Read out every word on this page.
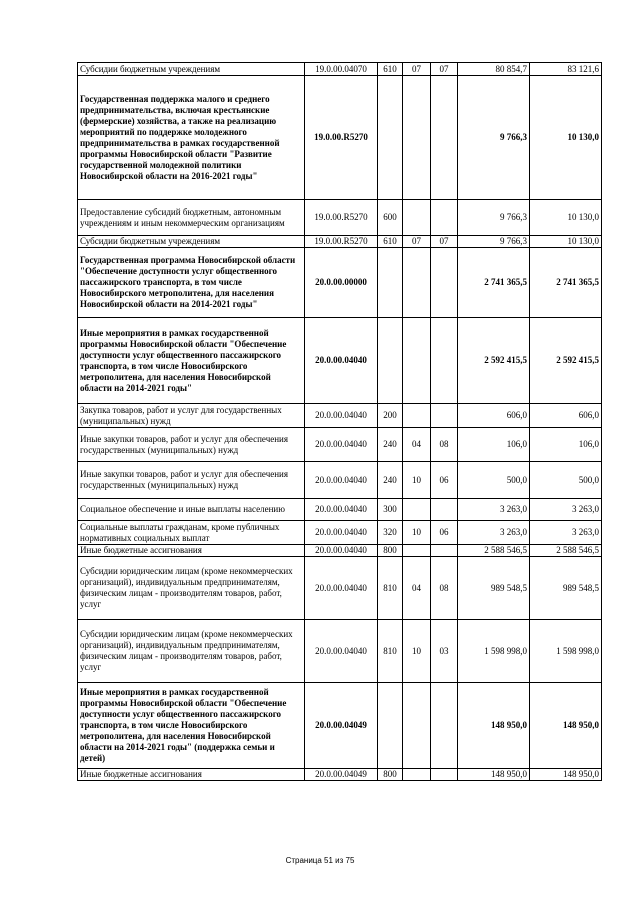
Субсидии бюджетным учреждениям	19.0.00.04070	610	07	07	80 854,7	83 121,6
Государственная поддержка малого и среднего предпринимательства, включая крестьянские (фермерские) хозяйства, а также на реализацию мероприятий по поддержке молодежного предпринимательства в рамках государственной программы Новосибирской области "Развитие государственной молодежной политики Новосибирской области на 2016-2021 годы"	19.0.00.R5270				9 766,3	10 130,0
Предоставление субсидий бюджетным, автономным учреждениям и иным некоммерческим организациям	19.0.00.R5270	600			9 766,3	10 130,0
Субсидии бюджетным учреждениям	19.0.00.R5270	610	07	07	9 766,3	10 130,0
Государственная программа Новосибирской области "Обеспечение доступности услуг общественного пассажирского транспорта, в том числе Новосибирского метрополитена, для населения Новосибирской области на 2014-2021 годы"	20.0.00.00000				2 741 365,5	2 741 365,5
Иные мероприятия в рамках государственной программы Новосибирской области "Обеспечение доступности услуг общественного пассажирского транспорта, в том числе Новосибирского метрополитена, для населения Новосибирской области на 2014-2021 годы"	20.0.00.04040				2 592 415,5	2 592 415,5
Закупка товаров, работ и услуг для государственных (муниципальных) нужд	20.0.00.04040	200			606,0	606,0
Иные закупки товаров, работ и услуг для обеспечения государственных (муниципальных) нужд	20.0.00.04040	240	04	08	106,0	106,0
Иные закупки товаров, работ и услуг для обеспечения государственных (муниципальных) нужд	20.0.00.04040	240	10	06	500,0	500,0
Социальное обеспечение и иные выплаты населению	20.0.00.04040	300			3 263,0	3 263,0
Социальные выплаты гражданам, кроме публичных нормативных социальных выплат	20.0.00.04040	320	10	06	3 263,0	3 263,0
Иные бюджетные ассигнования	20.0.00.04040	800			2 588 546,5	2 588 546,5
Субсидии юридическим лицам (кроме некоммерческих организаций), индивидуальным предпринимателям, физическим лицам - производителям товаров, работ, услуг	20.0.00.04040	810	04	08	989 548,5	989 548,5
Субсидии юридическим лицам (кроме некоммерческих организаций), индивидуальным предпринимателям, физическим лицам - производителям товаров, работ, услуг	20.0.00.04040	810	10	03	1 598 998,0	1 598 998,0
Иные мероприятия в рамках государственной программы Новосибирской области "Обеспечение доступности услуг общественного пассажирского транспорта, в том числе Новосибирского метрополитена, для населения Новосибирской области на 2014-2021 годы" (поддержка семьи и детей)	20.0.00.04049				148 950,0	148 950,0
Иные бюджетные ассигнования	20.0.00.04049	800			148 950,0	148 950,0
Страница 51 из 75
